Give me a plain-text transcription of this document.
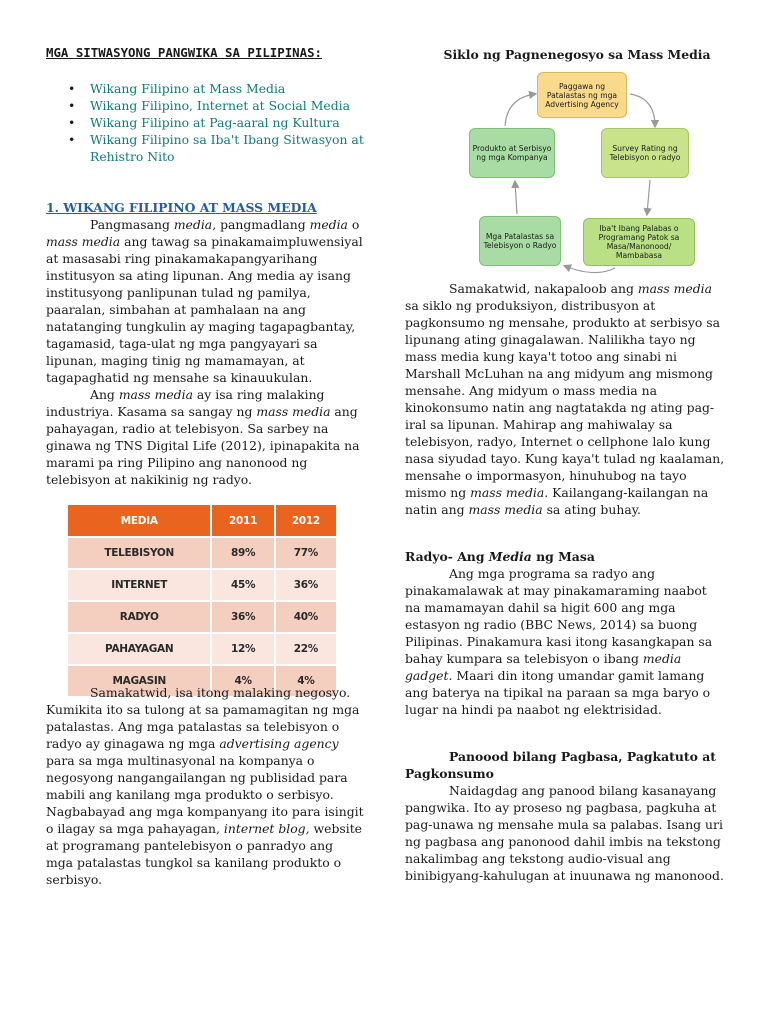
MGA SITWASYONG PANGWIKA SA PILIPINAS:
• Wikang Filipino at Mass Media
• Wikang Filipino, Internet at Social Media
• Wikang Filipino at Pag-aaral ng Kultura
• Wikang Filipino sa Iba't Ibang Sitwasyon at Rehistro Nito
1. WIKANG FILIPINO AT MASS MEDIA

Pangmasang media, pangmadlang media o mass media ang tawag sa pinakamaimpluwensiyal at masasabi ring pinakamakapangyarihang institusyon sa ating lipunan. Ang media ay isang institusyong panlipunan tulad ng pamilya, paaralan, simbahan at pamhalaan na ang natatanging tungkulin ay maging tagapagbantay, tagamasid, taga-ulat ng mga pangyayari sa lipunan, maging tinig ng mamamayan, at tagapaghatid ng mensahe sa kinauukulan.

Ang mass media ay isa ring malaking industriya. Kasama sa sangay ng mass media ang pahayagan, radio at telebisyon. Sa sarbey na ginawa ng TNS Digital Life (2012), ipinapakita na marami pa ring Pilipino ang nanonood ng telebisyon at nakikinig ng radyo.

MEDIA	2011	2012
TELEBISYON	89%	77%
INTERNET	45%	36%
RADYO	36%	40%
PAHAYAGAN	12%	22%
MAGASIN	4%	4%

Samakatwid, isa itong malaking negosyo. Kumikita ito sa tulong at sa pamamagitan ng mga patalastas. Ang mga patalastas sa telebisyon o radyo ay ginagawa ng mga advertising agency para sa mga multinasyonal na kompanya o negosyong nangangailangan ng publisidad para mabili ang kanilang mga produkto o serbisyo. Nagbabayad ang mga kompanyang ito para isingit o ilagay sa mga pahayagan, internet blog, website at programang pantelebisyon o panradyo ang mga patalastas tungkol sa kanilang produkto o serbisyo.

Siklo ng Pagnenegosyo sa Mass Media
Paggawa ng Patalastas ng mga Advertising Agency
Survey Rating ng Telebisyon o radyo
Iba't Ibang Palabas o Programang Patok sa Masa/Manonood/ Mambabasa
Mga Patalastas sa Telebisyon o Radyo
Produkto at Serbisyo ng mga Kompanya

Samakatwid, nakapaloob ang mass media sa siklo ng produksiyon, distribusyon at pagkonsumo ng mensahe, produkto at serbisyo sa lipunang ating ginagalawan. Nalilikha tayo ng mass media kung kaya't totoo ang sinabi ni Marshall McLuhan na ang midyum ang mismong mensahe. Ang midyum o mass media na kinokonsumo natin ang nagtatakda ng ating pag-iral sa lipunan. Mahirap ang mahiwalay sa telebisyon, radyo, Internet o cellphone lalo kung nasa siyudad tayo. Kung kaya't tulad ng kaalaman, mensahe o impormasyon, hinuhubog na tayo mismo ng mass media. Kailangang-kailangan na natin ang mass media sa ating buhay.

Radyo- Ang Media ng Masa

Ang mga programa sa radyo ang pinakamalawak at may pinakamaraming naabot na mamamayan dahil sa higit 600 ang mga estasyon ng radio (BBC News, 2014) sa buong Pilipinas. Pinakamura kasi itong kasangkapan sa bahay kumpara sa telebisyon o ibang media gadget. Maari din itong umandar gamit lamang ang baterya na tipikal na paraan sa mga baryo o lugar na hindi pa naabot ng elektrisidad.

Panoood bilang Pagbasa, Pagkatuto at
Pagkonsumo

Naidagdag ang panood bilang kasanayang pangwika. Ito ay proseso ng pagbasa, pagkuha at pag-unawa ng mensahe mula sa palabas. Isang uri ng pagbasa ang panonood dahil imbis na tekstong nakalimbag ang tekstong audio-visual ang binibigyang-kahulugan at inuunawa ng manonood.
